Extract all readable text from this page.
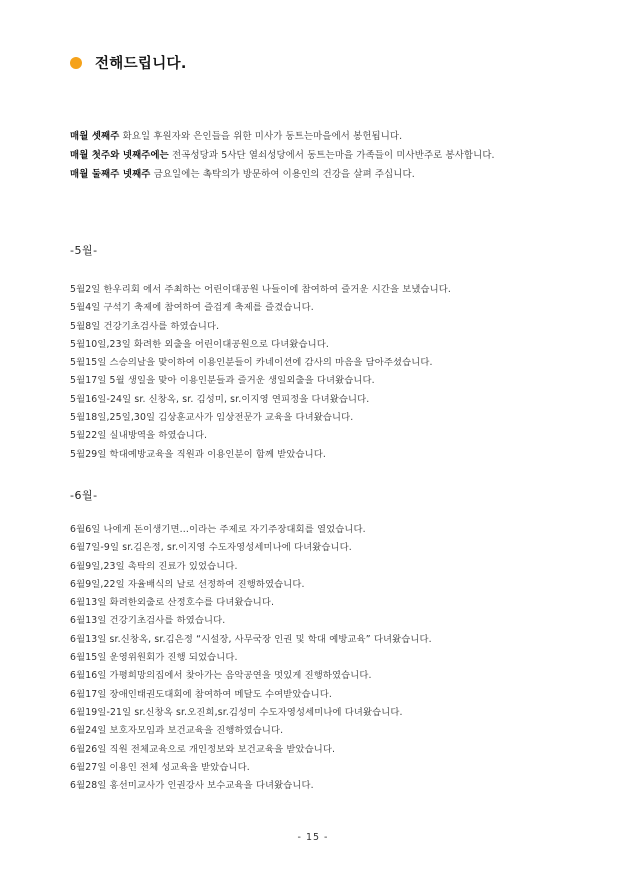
전해드립니다.

매월 셋째주 화요일 후원자와 은인들을 위한 미사가 동트는마을에서 봉헌됩니다.

매월 첫주와 넷째주에는 전곡성당과 5사단 열쇠성당에서 동트는마을 가족들이 미사반주로 봉사합니다.

매월 둘째주 넷째주 금요일에는 촉탁의가 방문하여 이용인의 건강을 살펴 주십니다.

-5월-
5월2일 한우리회 에서 주최하는 어린이대공원 나들이에 참여하여 즐거운 시간을 보냈습니다.
5월4일 구석기 축제에 참여하여 즐겁게 축제를 즐겼습니다.
5월8일 건강기초검사를 하였습니다.
5월10일,23일 화려한 외출을 어린이대공원으로 다녀왔습니다.
5월15일 스승의날을 맞이하여 이용인분들이 카네이션에 감사의 마음을 담아주셨습니다.
5월17일 5월 생일을 맞아 이용인분들과 즐거운 생일외출을 다녀왔습니다.
5월16일-24일 sr. 신창옥, sr. 김성미, sr.이지영 연피정을 다녀왔습니다.
5월18일,25일,30일 김상훈교사가 임상전문가 교육을 다녀왔습니다.
5월22일 실내방역을 하였습니다.
5월29일 학대예방교육을 직원과 이용인분이 함께 받았습니다.
-6월-
6월6일 나에게 돈이생기면...이라는 주제로 자기주장대회를 열었습니다.
6월7일-9일 sr.김은정, sr.이지영 수도자영성세미나에 다녀왔습니다.
6월9일,23일 촉탁의 진료가 있었습니다.
6월9일,22일 자율배식의 날로 선정하여 진행하였습니다.
6월13일 화려한외출로 산정호수를 다녀왔습니다.
6월13일 건강기초검사를 하였습니다.
6월13일 sr.신창옥, sr.김은정 “시설장, 사무국장 인권 및 학대 예방교육” 다녀왔습니다.
6월15일 운영위원회가 진행 되었습니다.
6월16일 가평희망의집에서 찾아가는 음악공연을 멋있게 진행하였습니다.
6월17일 장애인태권도대회에 참여하여 메달도 수여받았습니다.
6월19일-21일 sr.신창옥 sr.오진희,sr.김성미 수도자영성세미나에 다녀왔습니다.
6월24일 보호자모임과 보건교육을 진행하였습니다.
6월26일 직원 전체교육으로 개인정보와 보건교육을 받았습니다.
6월27일 이용인 전체 성교육을 받았습니다.
6월28일 홍선미교사가 인권강사 보수교육을 다녀왔습니다.
- 15 -
